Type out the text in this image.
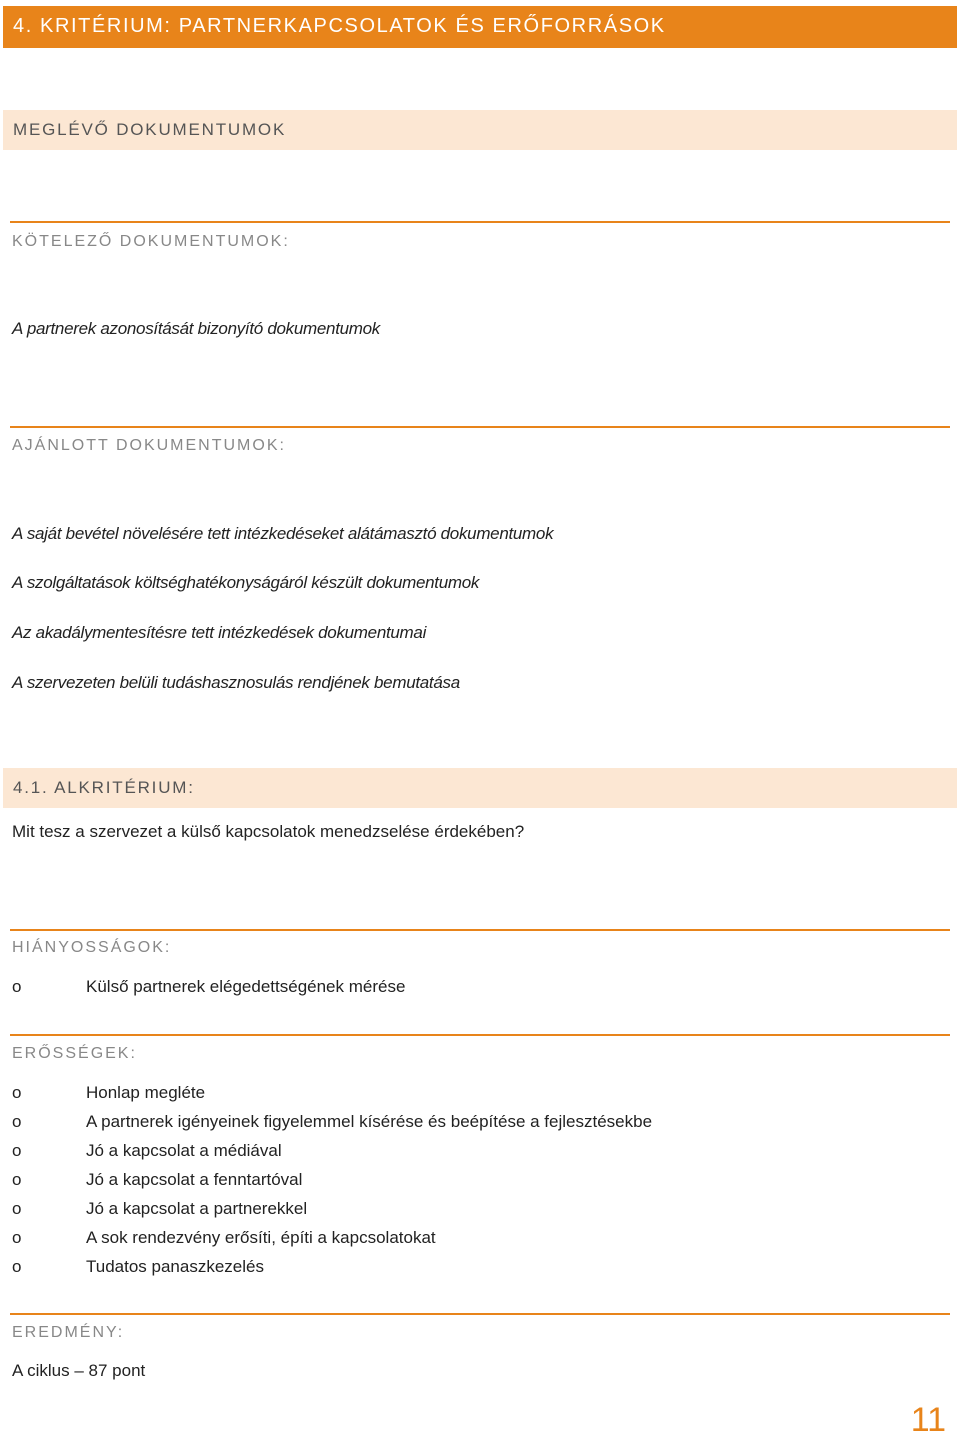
4. KRITÉRIUM: PARTNERKAPCSOLATOK ÉS ERŐFORRÁSOK
MEGLÉVŐ DOKUMENTUMOK
KÖTELEZŐ DOKUMENTUMOK:
A partnerek azonosítását bizonyító dokumentumok
AJÁNLOTT DOKUMENTUMOK:
A saját bevétel növelésére tett intézkedéseket alátámasztó dokumentumok
A szolgáltatások költséghatékonyságáról készült dokumentumok
Az akadálymentesítésre tett intézkedések dokumentumai
A szervezeten belüli tudáshasznosulás rendjének bemutatása
4.1. ALKRITÉRIUM:
Mit tesz a szervezet a külső kapcsolatok menedzselése érdekében?
HIÁNYOSSÁGOK:
o	Külső partnerek elégedettségének mérése
ERŐSSÉGEK:
o	Honlap megléte
o	A partnerek igényeinek figyelemmel kísérése és beépítése a fejlesztésekbe
o	Jó a kapcsolat a médiával
o	Jó a kapcsolat a fenntartóval
o	Jó a kapcsolat a partnerekkel
o	A sok rendezvény erősíti, építi a kapcsolatokat
o	Tudatos panaszkezelés
EREDMÉNY:
A ciklus – 87 pont
11
